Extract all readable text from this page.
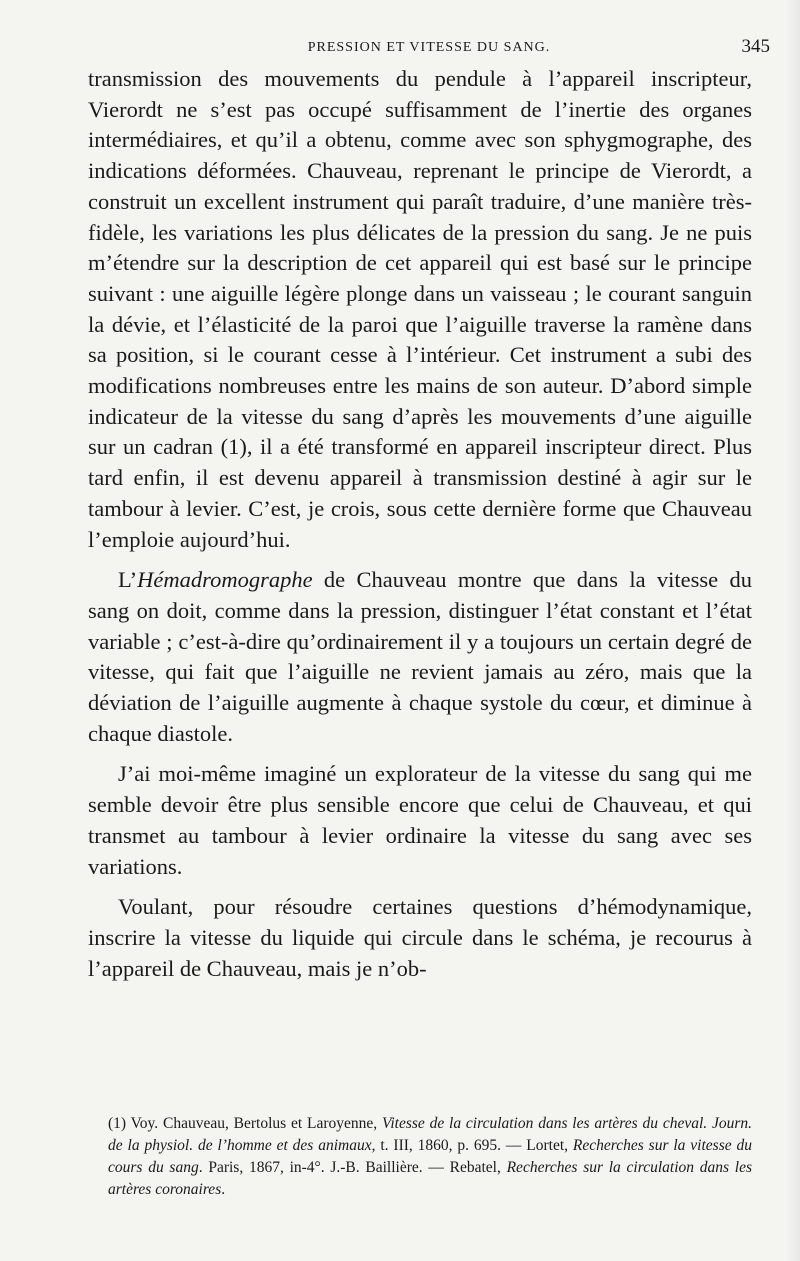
PRESSION ET VITESSE DU SANG.	345

transmission des mouvements du pendule à l’appareil inscripteur, Vierordt ne s’est pas occupé suffisamment de l’inertie des organes intermédiaires, et qu’il a obtenu, comme avec son sphygmographe, des indications déformées. Chauveau, reprenant le principe de Vierordt, a construit un excellent instrument qui paraît traduire, d’une manière très-fidèle, les variations les plus délicates de la pression du sang. Je ne puis m’étendre sur la description de cet appareil qui est basé sur le principe suivant : une aiguille légère plonge dans un vaisseau ; le courant sanguin la dévie, et l’élasticité de la paroi que l’aiguille traverse la ramène dans sa position, si le courant cesse à l’intérieur. Cet instrument a subi des modifications nombreuses entre les mains de son auteur. D’abord simple indicateur de la vitesse du sang d’après les mouvements d’une aiguille sur un cadran (1), il a été transformé en appareil inscripteur direct. Plus tard enfin, il est devenu appareil à transmission destiné à agir sur le tambour à levier. C’est, je crois, sous cette dernière forme que Chauveau l’emploie aujourd’hui.

L’Hémadromographe de Chauveau montre que dans la vitesse du sang on doit, comme dans la pression, distinguer l’état constant et l’état variable ; c’est-à-dire qu’ordinairement il y a toujours un certain degré de vitesse, qui fait que l’aiguille ne revient jamais au zéro, mais que la déviation de l’aiguille augmente à chaque systole du cœur, et diminue à chaque diastole.

J’ai moi-même imaginé un explorateur de la vitesse du sang qui me semble devoir être plus sensible encore que celui de Chauveau, et qui transmet au tambour à levier ordinaire la vitesse du sang avec ses variations.

Voulant, pour résoudre certaines questions d’hémodynamique, inscrire la vitesse du liquide qui circule dans le schéma, je recourus à l’appareil de Chauveau, mais je n’ob-

(1) Voy. Chauveau, Bertolus et Laroyenne, Vitesse de la circulation dans les artères du cheval. Journ. de la physiol. de l’homme et des animaux, t. III, 1860, p. 695. — Lortet, Recherches sur la vitesse du cours du sang. Paris, 1867, in-4°. J.-B. Baillière. — Rebatel, Recherches sur la circulation dans les artères coronaires.
